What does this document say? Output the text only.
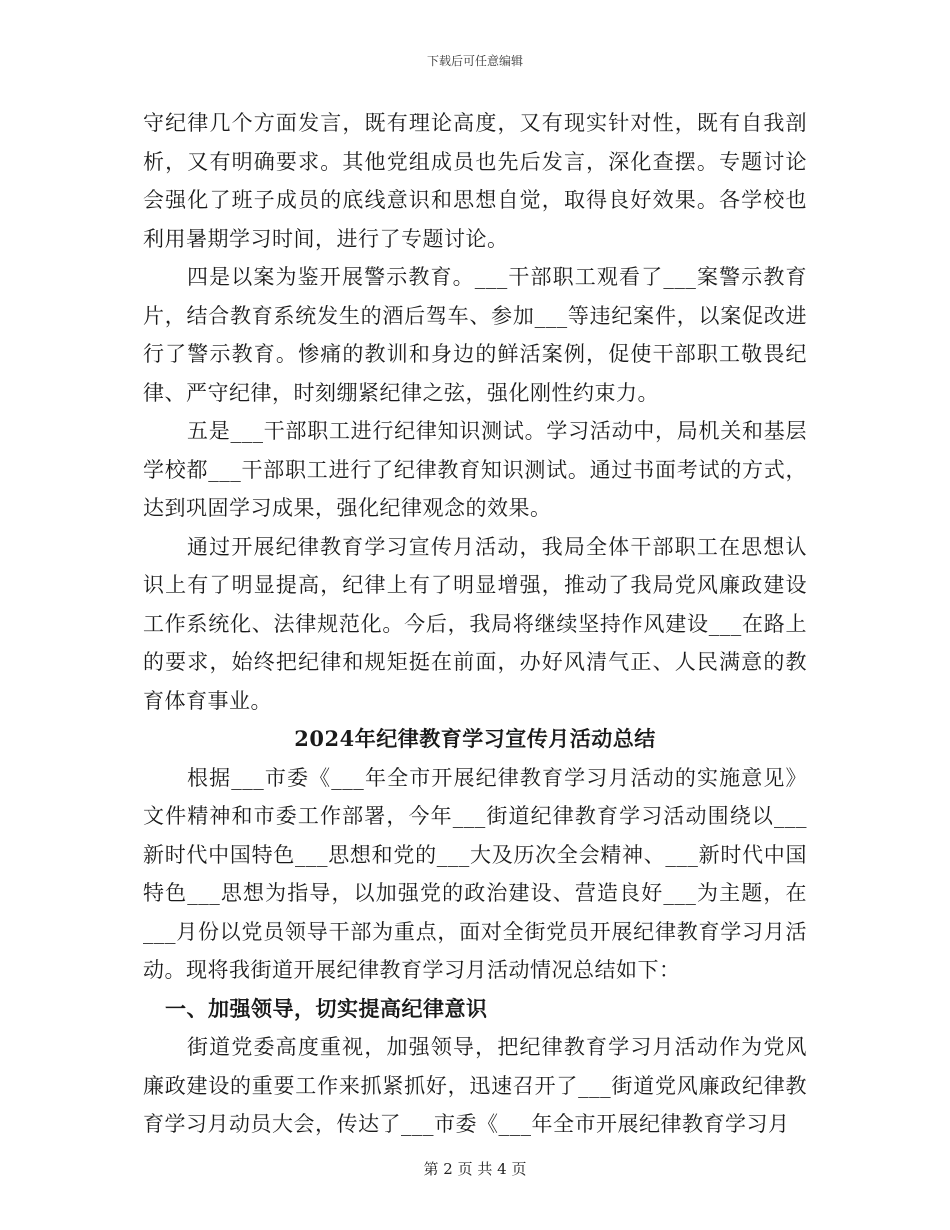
下载后可任意编辑

守纪律几个方面发言，既有理论高度，又有现实针对性，既有自我剖析，又有明确要求。其他党组成员也先后发言，深化查摆。专题讨论会强化了班子成员的底线意识和思想自觉，取得良好效果。各学校也利用暑期学习时间，进行了专题讨论。

四是以案为鉴开展警示教育。___干部职工观看了___案警示教育片，结合教育系统发生的酒后驾车、参加___等违纪案件，以案促改进行了警示教育。惨痛的教训和身边的鲜活案例，促使干部职工敬畏纪律、严守纪律，时刻绷紧纪律之弦，强化刚性约束力。

五是___干部职工进行纪律知识测试。学习活动中，局机关和基层学校都___干部职工进行了纪律教育知识测试。通过书面考试的方式，达到巩固学习成果，强化纪律观念的效果。

通过开展纪律教育学习宣传月活动，我局全体干部职工在思想认识上有了明显提高，纪律上有了明显增强，推动了我局党风廉政建设工作系统化、法律规范化。今后，我局将继续坚持作风建设___在路上的要求，始终把纪律和规矩挺在前面，办好风清气正、人民满意的教育体育事业。

2024年纪律教育学习宣传月活动总结

根据___市委《___年全市开展纪律教育学习月活动的实施意见》文件精神和市委工作部署，今年___街道纪律教育学习活动围绕以___新时代中国特色___思想和党的___大及历次全会精神、___新时代中国特色___思想为指导，以加强党的政治建设、营造良好___为主题，在___月份以党员领导干部为重点，面对全街党员开展纪律教育学习月活动。现将我街道开展纪律教育学习月活动情况总结如下：

一、加强领导，切实提高纪律意识

街道党委高度重视，加强领导，把纪律教育学习月活动作为党风廉政建设的重要工作来抓紧抓好，迅速召开了___街道党风廉政纪律教育学习月动员大会，传达了___市委《___年全市开展纪律教育学习月

第 2 页 共 4 页
